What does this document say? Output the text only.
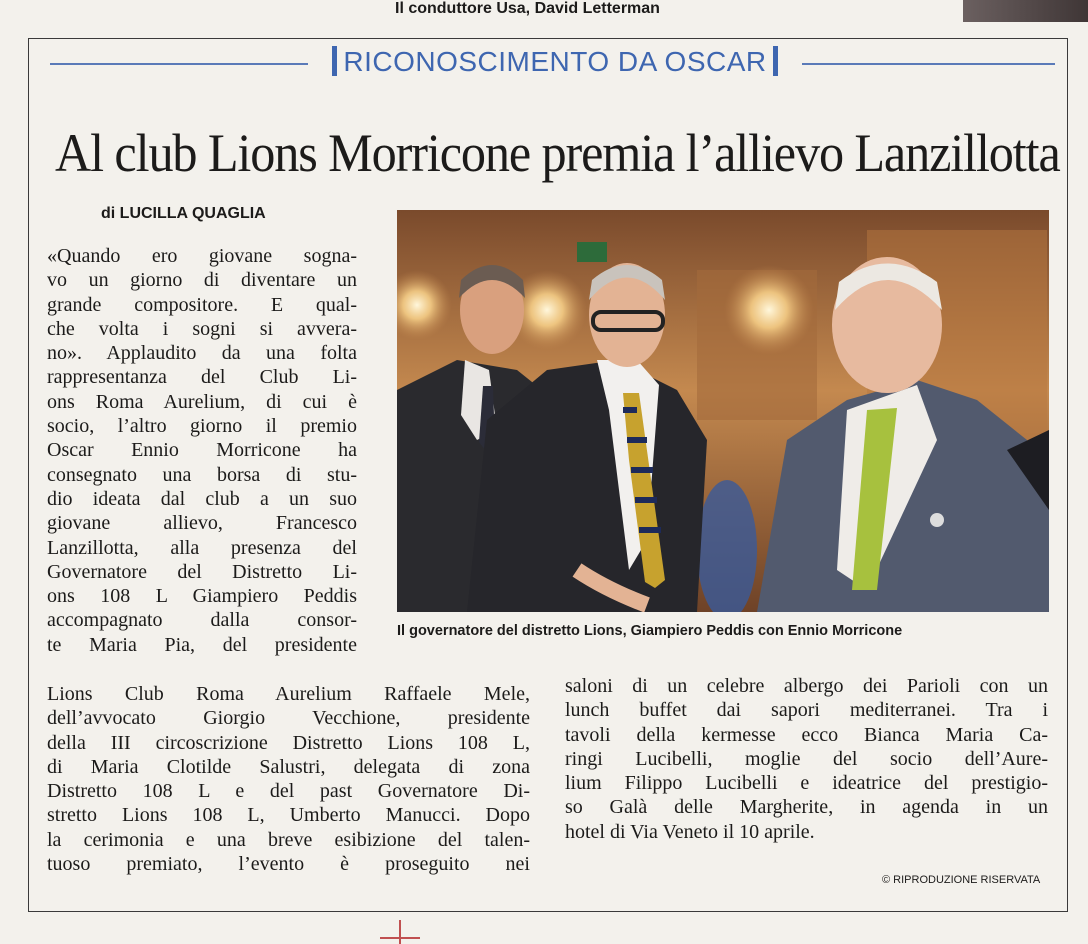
Il conduttore Usa, David Letterman
RICONOSCIMENTO DA OSCAR
Al club Lions Morricone premia l’allievo Lanzillotta
di LUCILLA QUAGLIA
Il governatore del distretto Lions, Giampiero Peddis con Ennio Morricone

«Quando ero giovane sogna-

vo un giorno di diventare un

grande compositore. E qual-

che volta i sogni si avvera-

no». Applaudito da una folta

rappresentanza del Club Li-

ons Roma Aurelium, di cui è

socio, l’altro giorno il premio

Oscar Ennio Morricone ha

consegnato una borsa di stu-

dio ideata dal club a un suo

giovane allievo, Francesco

Lanzillotta, alla presenza del

Governatore del Distretto Li-

ons 108 L Giampiero Peddis

accompagnato dalla consor-

te Maria Pia, del presidente

Lions Club Roma Aurelium Raffaele Mele,

dell’avvocato Giorgio Vecchione, presidente

della III circoscrizione Distretto Lions 108 L,

di Maria Clotilde Salustri, delegata di zona

Distretto 108 L e del past Governatore Di-

stretto Lions 108 L, Umberto Manucci. Dopo

la cerimonia e una breve esibizione del talen-

tuoso premiato, l’evento è proseguito nei

saloni di un celebre albergo dei Parioli con un

lunch buffet dai sapori mediterranei. Tra i

tavoli della kermesse ecco Bianca Maria Ca-

ringi Lucibelli, moglie del socio dell’Aure-

lium Filippo Lucibelli e ideatrice del prestigio-

so Galà delle Margherite, in agenda in un

hotel di Via Veneto il 10 aprile.

© RIPRODUZIONE RISERVATA
